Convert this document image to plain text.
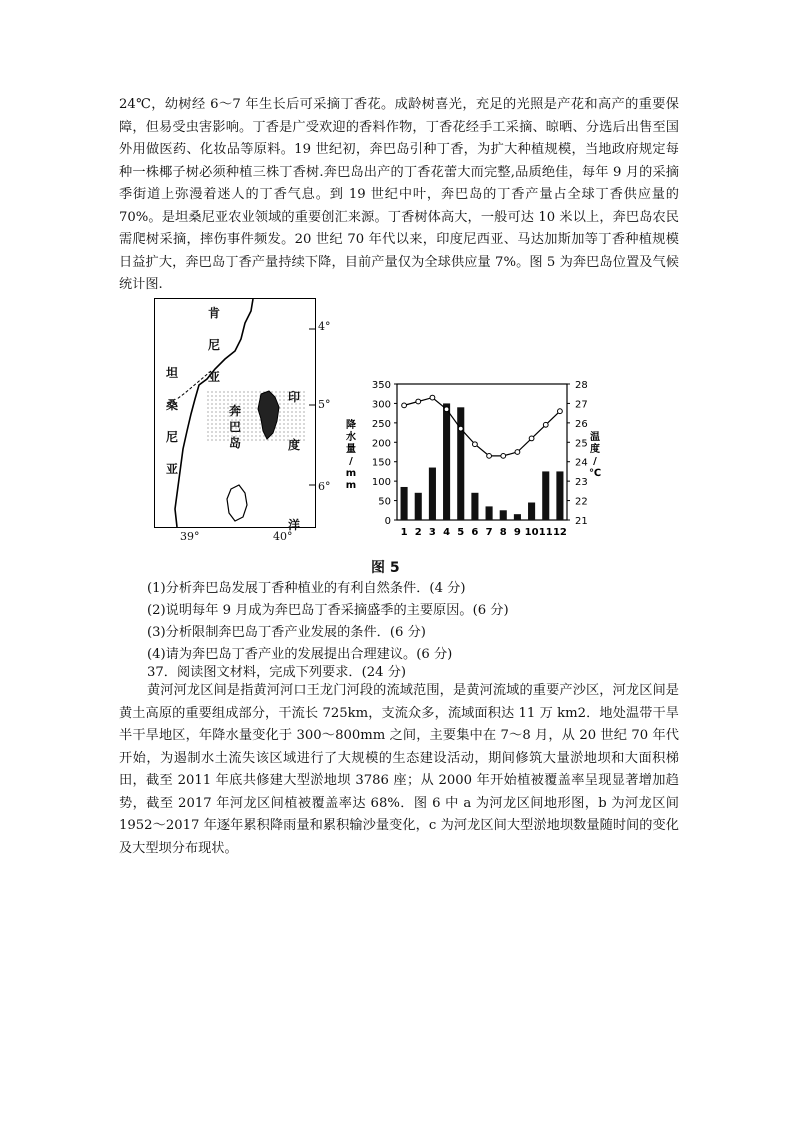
24℃，幼树经 6～7 年生长后可采摘丁香花。成龄树喜光，充足的光照是产花和高产的重要保障，但易受虫害影响。丁香是广受欢迎的香料作物，丁香花经手工采摘、晾晒、分选后出售至国外用做医药、化妆品等原料。19 世纪初，奔巴岛引种丁香，为扩大种植规模，当地政府规定每种一株椰子树必须种植三株丁香树.奔巴岛出产的丁香花蕾大而完整,品质绝佳，每年 9 月的采摘季街道上弥漫着迷人的丁香气息。到 19 世纪中叶，奔巴岛的丁香产量占全球丁香供应量的 70%。是坦桑尼亚农业领域的重要创汇来源。丁香树体高大，一般可达 10 米以上，奔巴岛农民需爬树采摘，摔伤事件频发。20 世纪 70 年代以来，印度尼西亚、马达加斯加等丁香种植规模日益扩大，奔巴岛丁香产量持续下降，目前产量仅为全球供应量 7%。图 5 为奔巴岛位置及气候统计图.

肯

尼

亚
坦

桑

尼

亚
奔巴岛
印

度

洋
4°
5°
6°
39°	40°
0
50
100
150
200
250
300
350
21
22
23
24
25
26
27
28
降
水
量
/
m
m
温
度
/
℃
1 2 3 4 5 6 7 8 9 10 11 12
图 5

(1)分析奔巴岛发展丁香种植业的有利自然条件．(4 分)

(2)说明每年 9 月成为奔巴岛丁香采摘盛季的主要原因。(6 分)

(3)分析限制奔巴岛丁香产业发展的条件．(6 分)

(4)请为奔巴岛丁香产业的发展提出合理建议。(6 分)

37．阅读图文材料，完成下列要求．(24 分)

黄河河龙区间是指黄河河口王龙门河段的流域范围，是黄河流域的重要产沙区，河龙区间是黄土高原的重要组成部分，干流长 725km，支流众多，流域面积达 11 万 km2．地处温带干旱半干旱地区，年降水量变化于 300～800mm 之间，主要集中在 7～8 月，从 20 世纪 70 年代开始，为遏制水土流失该区域进行了大规模的生态建设活动，期间修筑大量淤地坝和大面积梯田，截至 2011 年底共修建大型淤地坝 3786 座；从 2000 年开始植被覆盖率呈现显著增加趋势，截至 2017 年河龙区间植被覆盖率达 68%．图 6 中 a 为河龙区间地形图，b 为河龙区间 1952～2017 年逐年累积降雨量和累积输沙量变化，c 为河龙区间大型淤地坝数量随时间的变化及大型坝分布现状。
